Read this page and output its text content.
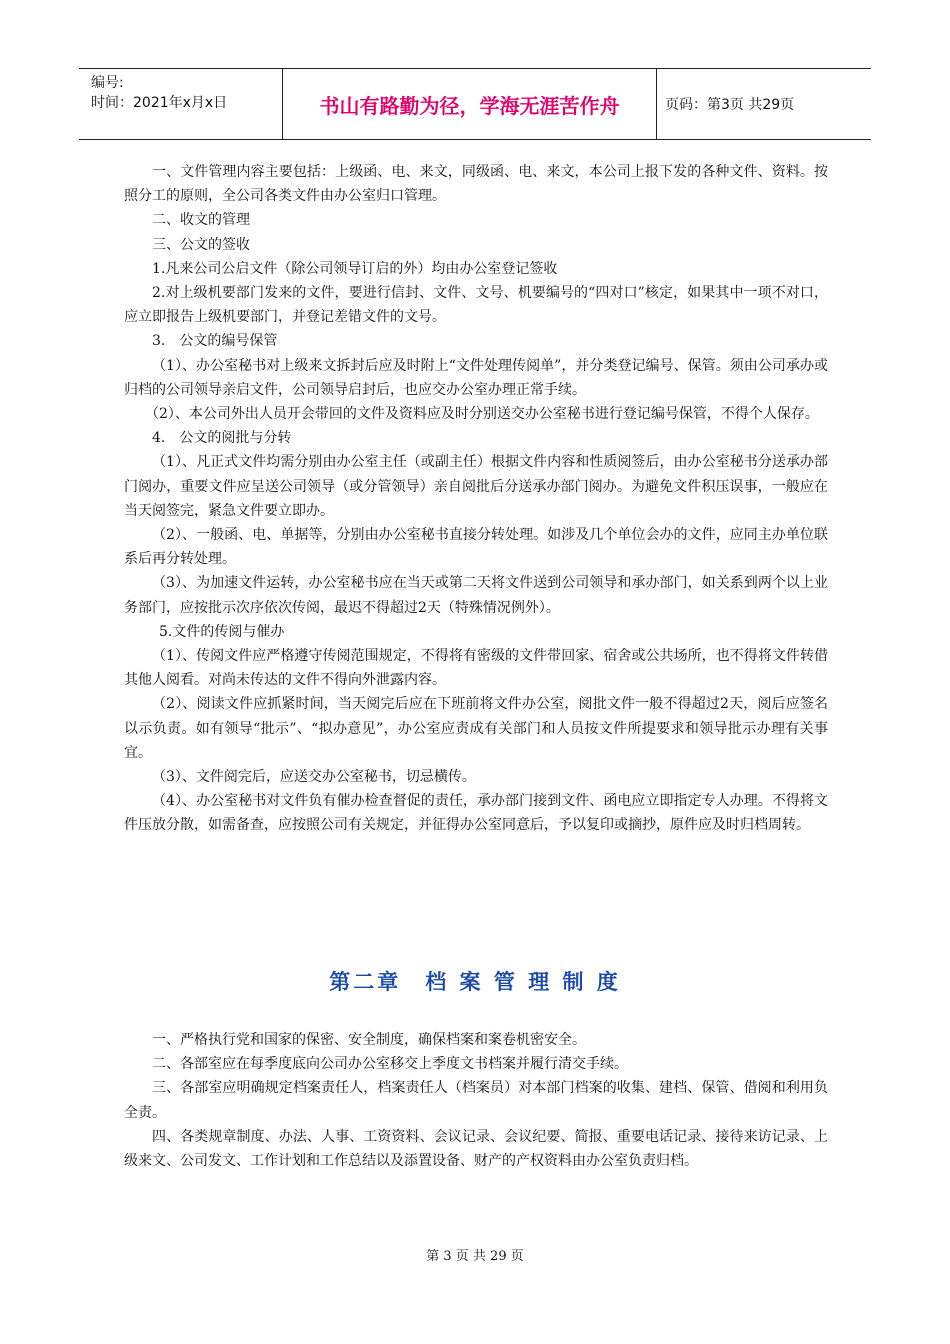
编号:
时间：2021年x月x日	书山有路勤为径，学海无涯苦作舟	页码：第3页 共29页

一、文件管理内容主要包括：上级函、电、来文，同级函、电、来文，本公司上报下发的各种文件、资料。按照分工的原则，全公司各类文件由办公室归口管理。

二、收文的管理

三、公文的签收

1.凡来公司公启文件（除公司领导订启的外）均由办公室登记签收

2.对上级机要部门发来的文件，要进行信封、文件、文号、机要编号的“四对口”核定，如果其中一项不对口，应立即报告上级机要部门，并登记差错文件的文号。

3.　公文的编号保管

（1）、办公室秘书对上级来文拆封后应及时附上“文件处理传阅单”，并分类登记编号、保管。须由公司承办或归档的公司领导亲启文件，公司领导启封后，也应交办公室办理正常手续。

（2）、本公司外出人员开会带回的文件及资料应及时分别送交办公室秘书进行登记编号保管，不得个人保存。

4.　公文的阅批与分转

（1）、凡正式文件均需分别由办公室主任（或副主任）根据文件内容和性质阅签后，由办公室秘书分送承办部门阅办，重要文件应呈送公司领导（或分管领导）亲自阅批后分送承办部门阅办。为避免文件积压误事，一般应在当天阅签完，紧急文件要立即办。

（2）、一般函、电、单据等，分别由办公室秘书直接分转处理。如涉及几个单位会办的文件，应同主办单位联系后再分转处理。

（3）、为加速文件运转，办公室秘书应在当天或第二天将文件送到公司领导和承办部门，如关系到两个以上业务部门，应按批示次序依次传阅，最迟不得超过2天（特殊情况例外）。

5.文件的传阅与催办

（1）、传阅文件应严格遵守传阅范围规定，不得将有密级的文件带回家、宿舍或公共场所，也不得将文件转借其他人阅看。对尚未传达的文件不得向外泄露内容。

（2）、阅读文件应抓紧时间，当天阅完后应在下班前将文件办公室，阅批文件一般不得超过2天，阅后应签名以示负责。如有领导“批示”、“拟办意见”，办公室应责成有关部门和人员按文件所提要求和领导批示办理有关事宜。

（3）、文件阅完后，应送交办公室秘书，切忌横传。

（4）、办公室秘书对文件负有催办检查督促的责任，承办部门接到文件、函电应立即指定专人办理。不得将文件压放分散，如需备查，应按照公司有关规定，并征得办公室同意后，予以复印或摘抄，原件应及时归档周转。

第二章　档 案 管 理 制 度

一、严格执行党和国家的保密、安全制度，确保档案和案卷机密安全。

二、各部室应在每季度底向公司办公室移交上季度文书档案并履行清交手续。

三、各部室应明确规定档案责任人，档案责任人（档案员）对本部门档案的收集、建档、保管、借阅和利用负全责。

四、各类规章制度、办法、人事、工资资料、会议记录、会议纪要、简报、重要电话记录、接待来访记录、上级来文、公司发文、工作计划和工作总结以及添置设备、财产的产权资料由办公室负责归档。

第 3 页 共 29 页
